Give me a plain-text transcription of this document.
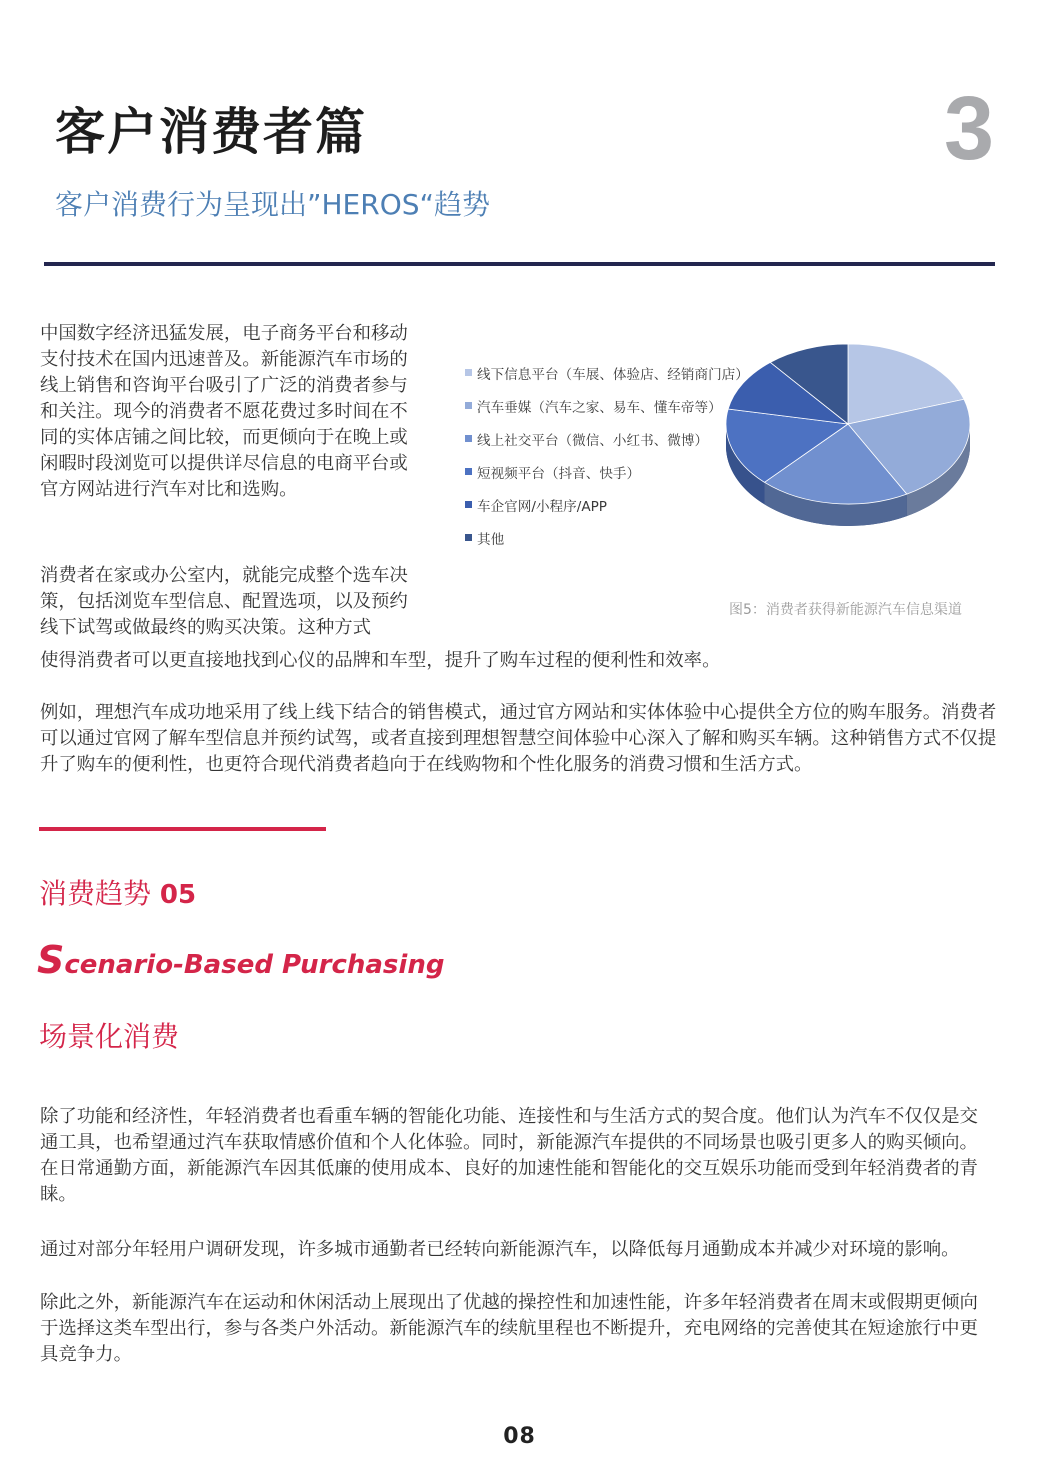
客户消费者篇	3
客户消费行为呈现出”HEROS“趋势

中国数字经济迅猛发展，电子商务平台和移动支付技术在国内迅速普及。新能源汽车市场的线上销售和咨询平台吸引了广泛的消费者参与和关注。现今的消费者不愿花费过多时间在不同的实体店铺之间比较，而更倾向于在晚上或闲暇时段浏览可以提供详尽信息的电商平台或官方网站进行汽车对比和选购。

消费者在家或办公室内，就能完成整个选车决策，包括浏览车型信息、配置选项，以及预约线下试驾或做最终的购买决策。这种方式

使得消费者可以更直接地找到心仪的品牌和车型，提升了购车过程的便利性和效率。

例如，理想汽车成功地采用了线上线下结合的销售模式，通过官方网站和实体体验中心提供全方位的购车服务。消费者可以通过官网了解车型信息并预约试驾，或者直接到理想智慧空间体验中心深入了解和购买车辆。这种销售方式不仅提升了购车的便利性，也更符合现代消费者趋向于在线购物和个性化服务的消费习惯和生活方式。

线下信息平台（车展、体验店、经销商门店）
汽车垂媒（汽车之家、易车、懂车帝等）
线上社交平台（微信、小红书、微博）
短视频平台（抖音、快手）
车企官网/小程序/APP
其他
图5：消费者获得新能源汽车信息渠道
消费趋势 05
Scenario-Based Purchasing
场景化消费

除了功能和经济性，年轻消费者也看重车辆的智能化功能、连接性和与生活方式的契合度。他们认为汽车不仅仅是交通工具，也希望通过汽车获取情感价值和个人化体验。同时，新能源汽车提供的不同场景也吸引更多人的购买倾向。在日常通勤方面，新能源汽车因其低廉的使用成本、良好的加速性能和智能化的交互娱乐功能而受到年轻消费者的青睐。

通过对部分年轻用户调研发现，许多城市通勤者已经转向新能源汽车，以降低每月通勤成本并减少对环境的影响。

除此之外，新能源汽车在运动和休闲活动上展现出了优越的操控性和加速性能，许多年轻消费者在周末或假期更倾向于选择这类车型出行，参与各类户外活动。新能源汽车的续航里程也不断提升，充电网络的完善使其在短途旅行中更具竞争力。

08
